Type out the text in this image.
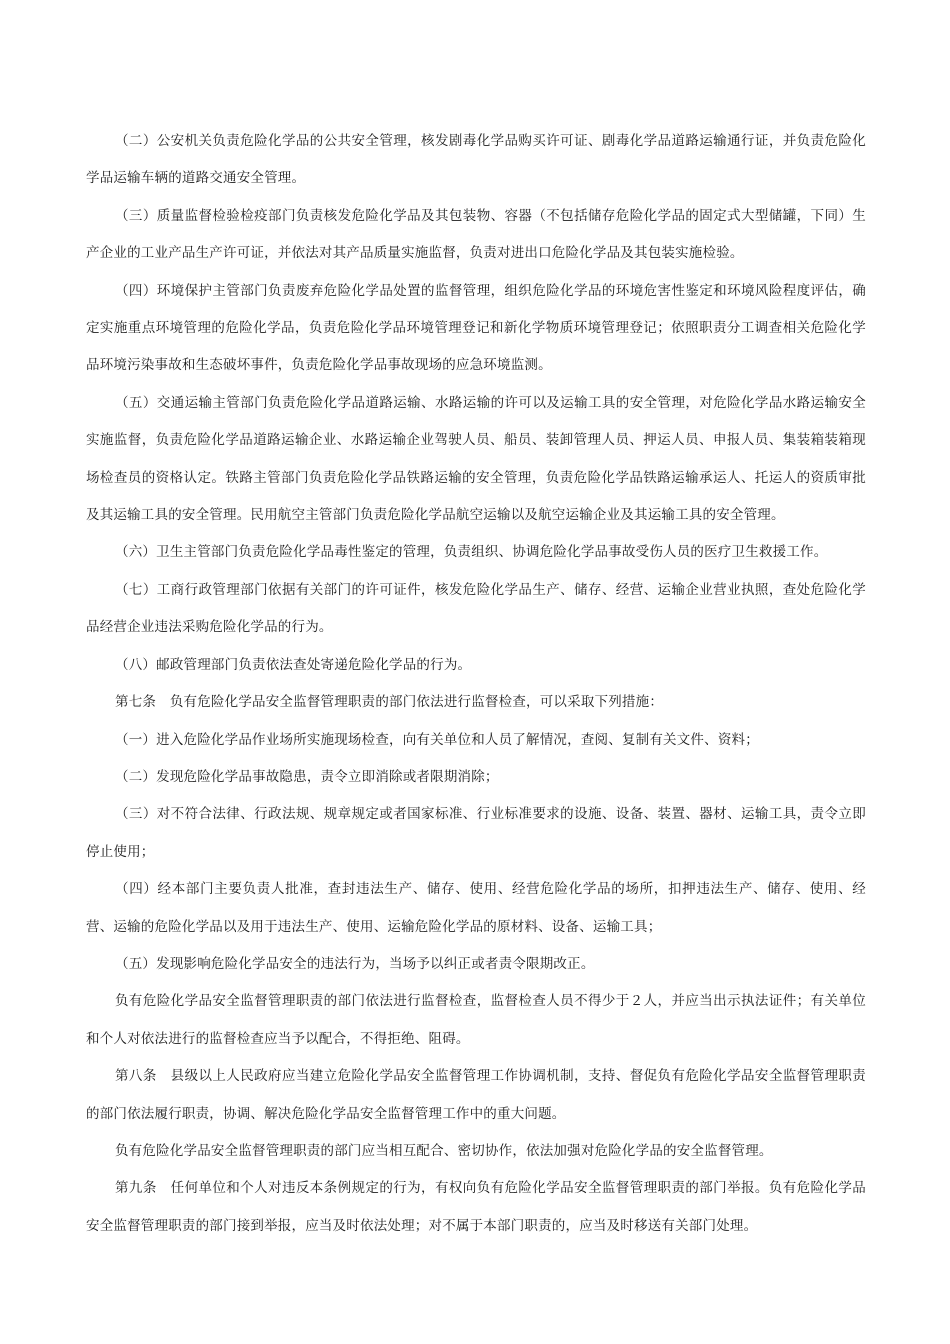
（二）公安机关负责危险化学品的公共安全管理，核发剧毒化学品购买许可证、剧毒化学品道路运输通行证，并负责危险化学品运输车辆的道路交通安全管理。

（三）质量监督检验检疫部门负责核发危险化学品及其包装物、容器（不包括储存危险化学品的固定式大型储罐，下同）生产企业的工业产品生产许可证，并依法对其产品质量实施监督，负责对进出口危险化学品及其包装实施检验。

（四）环境保护主管部门负责废弃危险化学品处置的监督管理，组织危险化学品的环境危害性鉴定和环境风险程度评估，确定实施重点环境管理的危险化学品，负责危险化学品环境管理登记和新化学物质环境管理登记；依照职责分工调查相关危险化学品环境污染事故和生态破坏事件，负责危险化学品事故现场的应急环境监测。

（五）交通运输主管部门负责危险化学品道路运输、水路运输的许可以及运输工具的安全管理，对危险化学品水路运输安全实施监督，负责危险化学品道路运输企业、水路运输企业驾驶人员、船员、装卸管理人员、押运人员、申报人员、集装箱装箱现场检查员的资格认定。铁路主管部门负责危险化学品铁路运输的安全管理，负责危险化学品铁路运输承运人、托运人的资质审批及其运输工具的安全管理。民用航空主管部门负责危险化学品航空运输以及航空运输企业及其运输工具的安全管理。

（六）卫生主管部门负责危险化学品毒性鉴定的管理，负责组织、协调危险化学品事故受伤人员的医疗卫生救援工作。

（七）工商行政管理部门依据有关部门的许可证件，核发危险化学品生产、储存、经营、运输企业营业执照，查处危险化学品经营企业违法采购危险化学品的行为。

（八）邮政管理部门负责依法查处寄递危险化学品的行为。

第七条　负有危险化学品安全监督管理职责的部门依法进行监督检查，可以采取下列措施：

（一）进入危险化学品作业场所实施现场检查，向有关单位和人员了解情况，查阅、复制有关文件、资料；

（二）发现危险化学品事故隐患，责令立即消除或者限期消除；

（三）对不符合法律、行政法规、规章规定或者国家标准、行业标准要求的设施、设备、装置、器材、运输工具，责令立即停止使用；

（四）经本部门主要负责人批准，查封违法生产、储存、使用、经营危险化学品的场所，扣押违法生产、储存、使用、经营、运输的危险化学品以及用于违法生产、使用、运输危险化学品的原材料、设备、运输工具；

（五）发现影响危险化学品安全的违法行为，当场予以纠正或者责令限期改正。

负有危险化学品安全监督管理职责的部门依法进行监督检查，监督检查人员不得少于２人，并应当出示执法证件；有关单位和个人对依法进行的监督检查应当予以配合，不得拒绝、阻碍。

第八条　县级以上人民政府应当建立危险化学品安全监督管理工作协调机制，支持、督促负有危险化学品安全监督管理职责的部门依法履行职责，协调、解决危险化学品安全监督管理工作中的重大问题。

负有危险化学品安全监督管理职责的部门应当相互配合、密切协作，依法加强对危险化学品的安全监督管理。

第九条　任何单位和个人对违反本条例规定的行为，有权向负有危险化学品安全监督管理职责的部门举报。负有危险化学品安全监督管理职责的部门接到举报，应当及时依法处理；对不属于本部门职责的，应当及时移送有关部门处理。
